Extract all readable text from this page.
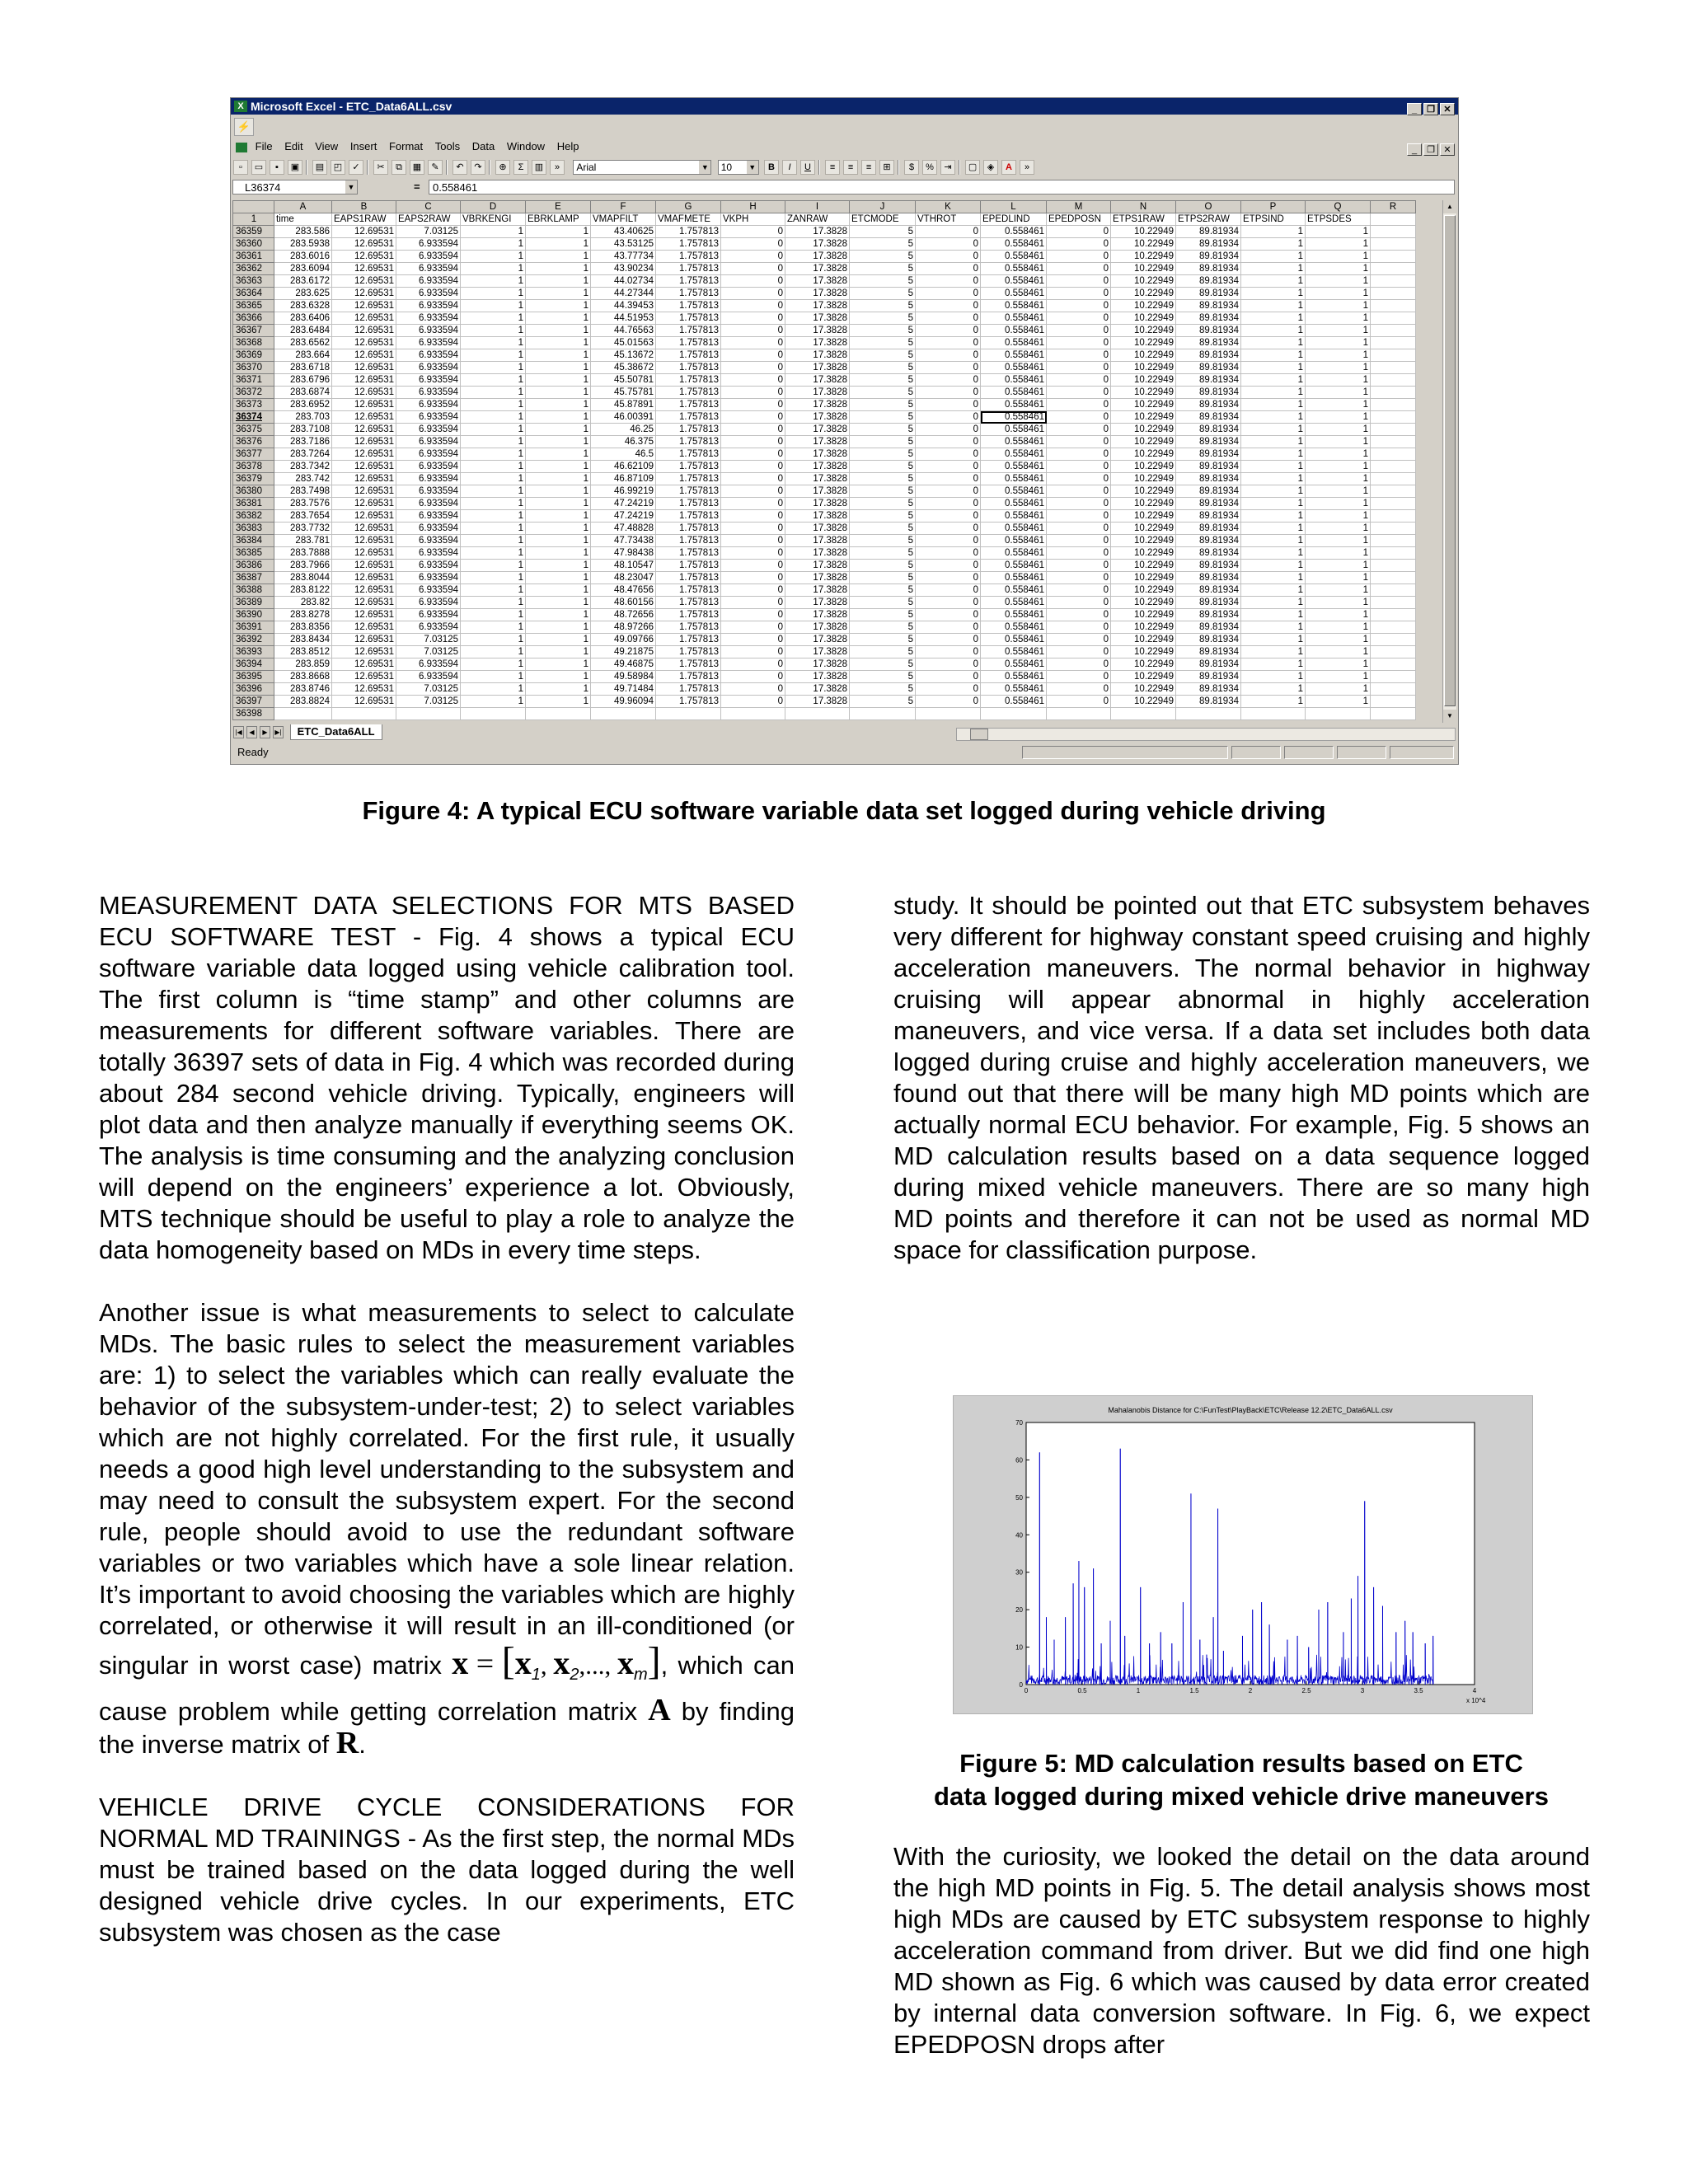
X Microsoft Excel - ETC_Data6ALL.csv	_ ❐ ✕
⚡
File Edit View Insert Format Tools Data Window Help	_ ❐ ✕
▫ ▭ ▪ ▣ ▤ ◰ ✓ ✂ ⧉ ▦ ✎ ↶ ↷ ⊕ Σ ▥ » Arial	▼ 10 ▼ B I U ≡ ≡ ≡ ⊞ $ % ⇥ ▢ ◈ A »
L36374	▼	=	0.558461
	A	B	C	D	E	F	G	H	I	J	K	L	M	N	O	P	Q	R
1	time	EAPS1RAW	EAPS2RAW	VBRKENGI	EBRKLAMP	VMAPFILT	VMAFMETE	VKPH	ZANRAW	ETCMODE	VTHROT	EPEDLIND	EPEDPOSN	ETPS1RAW	ETPS2RAW	ETPSIND	ETPSDES	
36359	283.586	12.69531	7.03125	1	1	43.40625	1.757813	0	17.3828	5	0	0.558461	0	10.22949	89.81934	1	1	
36360	283.5938	12.69531	6.933594	1	1	43.53125	1.757813	0	17.3828	5	0	0.558461	0	10.22949	89.81934	1	1	
36361	283.6016	12.69531	6.933594	1	1	43.77734	1.757813	0	17.3828	5	0	0.558461	0	10.22949	89.81934	1	1	
36362	283.6094	12.69531	6.933594	1	1	43.90234	1.757813	0	17.3828	5	0	0.558461	0	10.22949	89.81934	1	1	
36363	283.6172	12.69531	6.933594	1	1	44.02734	1.757813	0	17.3828	5	0	0.558461	0	10.22949	89.81934	1	1	
36364	283.625	12.69531	6.933594	1	1	44.27344	1.757813	0	17.3828	5	0	0.558461	0	10.22949	89.81934	1	1	
36365	283.6328	12.69531	6.933594	1	1	44.39453	1.757813	0	17.3828	5	0	0.558461	0	10.22949	89.81934	1	1	
36366	283.6406	12.69531	6.933594	1	1	44.51953	1.757813	0	17.3828	5	0	0.558461	0	10.22949	89.81934	1	1	
36367	283.6484	12.69531	6.933594	1	1	44.76563	1.757813	0	17.3828	5	0	0.558461	0	10.22949	89.81934	1	1	
36368	283.6562	12.69531	6.933594	1	1	45.01563	1.757813	0	17.3828	5	0	0.558461	0	10.22949	89.81934	1	1	
36369	283.664	12.69531	6.933594	1	1	45.13672	1.757813	0	17.3828	5	0	0.558461	0	10.22949	89.81934	1	1	
36370	283.6718	12.69531	6.933594	1	1	45.38672	1.757813	0	17.3828	5	0	0.558461	0	10.22949	89.81934	1	1	
36371	283.6796	12.69531	6.933594	1	1	45.50781	1.757813	0	17.3828	5	0	0.558461	0	10.22949	89.81934	1	1	
36372	283.6874	12.69531	6.933594	1	1	45.75781	1.757813	0	17.3828	5	0	0.558461	0	10.22949	89.81934	1	1	
36373	283.6952	12.69531	6.933594	1	1	45.87891	1.757813	0	17.3828	5	0	0.558461	0	10.22949	89.81934	1	1	
36374	283.703	12.69531	6.933594	1	1	46.00391	1.757813	0	17.3828	5	0	0.558461	0	10.22949	89.81934	1	1	
36375	283.7108	12.69531	6.933594	1	1	46.25	1.757813	0	17.3828	5	0	0.558461	0	10.22949	89.81934	1	1	
36376	283.7186	12.69531	6.933594	1	1	46.375	1.757813	0	17.3828	5	0	0.558461	0	10.22949	89.81934	1	1	
36377	283.7264	12.69531	6.933594	1	1	46.5	1.757813	0	17.3828	5	0	0.558461	0	10.22949	89.81934	1	1	
36378	283.7342	12.69531	6.933594	1	1	46.62109	1.757813	0	17.3828	5	0	0.558461	0	10.22949	89.81934	1	1	
36379	283.742	12.69531	6.933594	1	1	46.87109	1.757813	0	17.3828	5	0	0.558461	0	10.22949	89.81934	1	1	
36380	283.7498	12.69531	6.933594	1	1	46.99219	1.757813	0	17.3828	5	0	0.558461	0	10.22949	89.81934	1	1	
36381	283.7576	12.69531	6.933594	1	1	47.24219	1.757813	0	17.3828	5	0	0.558461	0	10.22949	89.81934	1	1	
36382	283.7654	12.69531	6.933594	1	1	47.24219	1.757813	0	17.3828	5	0	0.558461	0	10.22949	89.81934	1	1	
36383	283.7732	12.69531	6.933594	1	1	47.48828	1.757813	0	17.3828	5	0	0.558461	0	10.22949	89.81934	1	1	
36384	283.781	12.69531	6.933594	1	1	47.73438	1.757813	0	17.3828	5	0	0.558461	0	10.22949	89.81934	1	1	
36385	283.7888	12.69531	6.933594	1	1	47.98438	1.757813	0	17.3828	5	0	0.558461	0	10.22949	89.81934	1	1	
36386	283.7966	12.69531	6.933594	1	1	48.10547	1.757813	0	17.3828	5	0	0.558461	0	10.22949	89.81934	1	1	
36387	283.8044	12.69531	6.933594	1	1	48.23047	1.757813	0	17.3828	5	0	0.558461	0	10.22949	89.81934	1	1	
36388	283.8122	12.69531	6.933594	1	1	48.47656	1.757813	0	17.3828	5	0	0.558461	0	10.22949	89.81934	1	1	
36389	283.82	12.69531	6.933594	1	1	48.60156	1.757813	0	17.3828	5	0	0.558461	0	10.22949	89.81934	1	1	
36390	283.8278	12.69531	6.933594	1	1	48.72656	1.757813	0	17.3828	5	0	0.558461	0	10.22949	89.81934	1	1	
36391	283.8356	12.69531	6.933594	1	1	48.97266	1.757813	0	17.3828	5	0	0.558461	0	10.22949	89.81934	1	1	
36392	283.8434	12.69531	7.03125	1	1	49.09766	1.757813	0	17.3828	5	0	0.558461	0	10.22949	89.81934	1	1	
36393	283.8512	12.69531	7.03125	1	1	49.21875	1.757813	0	17.3828	5	0	0.558461	0	10.22949	89.81934	1	1	
36394	283.859	12.69531	6.933594	1	1	49.46875	1.757813	0	17.3828	5	0	0.558461	0	10.22949	89.81934	1	1	
36395	283.8668	12.69531	6.933594	1	1	49.58984	1.757813	0	17.3828	5	0	0.558461	0	10.22949	89.81934	1	1	
36396	283.8746	12.69531	7.03125	1	1	49.71484	1.757813	0	17.3828	5	0	0.558461	0	10.22949	89.81934	1	1	
36397	283.8824	12.69531	7.03125	1	1	49.96094	1.757813	0	17.3828	5	0	0.558461	0	10.22949	89.81934	1	1	
36398																		
▲
▼
|◀ ◀ ▶ ▶| ETC_Data6ALL
Ready
Figure 4: A typical ECU software variable data set logged during vehicle driving

MEASUREMENT DATA SELECTIONS FOR MTS BASED ECU SOFTWARE TEST - Fig. 4 shows a typical ECU software variable data logged using vehicle calibration tool. The first column is “time stamp” and other columns are measurements for different software variables. There are totally 36397 sets of data in Fig. 4 which was recorded during about 284 second vehicle driving. Typically, engineers will plot data and then analyze manually if everything seems OK. The analysis is time consuming and the analyzing conclusion will depend on the engineers’ experience a lot. Obviously, MTS technique should be useful to play a role to analyze the data homogeneity based on MDs in every time steps.

Another issue is what measurements to select to calculate MDs. The basic rules to select the measurement variables are: 1) to select the variables which can really evaluate the behavior of the subsystem-under-test; 2) to select variables which are not highly correlated. For the first rule, it usually needs a good high level understanding to the subsystem and may need to consult the subsystem expert. For the second rule, people should avoid to use the redundant software variables or two variables which have a sole linear relation. It’s important to avoid choosing the variables which are highly correlated, or otherwise it will result in an ill-conditioned (or singular in worst case) matrix $x = [x_1$, $x_2$,..., $x_m$], which can cause problem while getting correlation matrix A by finding the inverse matrix of R.

VEHICLE DRIVE CYCLE CONSIDERATIONS FOR NORMAL MD TRAININGS - As the first step, the normal MDs must be trained based on the data logged during the well designed vehicle drive cycles. In our experiments, ETC subsystem was chosen as the case

study. It should be pointed out that ETC subsystem behaves very different for highway constant speed cruising and highly acceleration maneuvers. The normal behavior in highway cruising will appear abnormal in highly acceleration maneuvers, and vice versa. If a data set includes both data logged during cruise and highly acceleration maneuvers, we found out that there will be many high MD points which are actually normal ECU behavior. For example, Fig. 5 shows an MD calculation results based on a data sequence logged during mixed vehicle maneuvers. There are so many high MD points and therefore it can not be used as normal MD space for classification purpose.

Mahalanobis Distance for C:\FunTest\PlayBack\ETC\Release 12.2\ETC_Data6ALL.csv
0	0.5	1	1.5	2	2.5	3	3.5	4
0
10
20
30
40
50
60
70
x 10^4
Figure 5: MD calculation results based on ETC
data logged during mixed vehicle drive maneuvers

With the curiosity, we looked the detail on the data around the high MD points in Fig. 5. The detail analysis shows most high MDs are caused by ETC subsystem response to highly acceleration command from driver. But we did find one high MD shown as Fig. 6 which was caused by data error created by internal data conversion software. In Fig. 6, we expect EPEDPOSN drops after
